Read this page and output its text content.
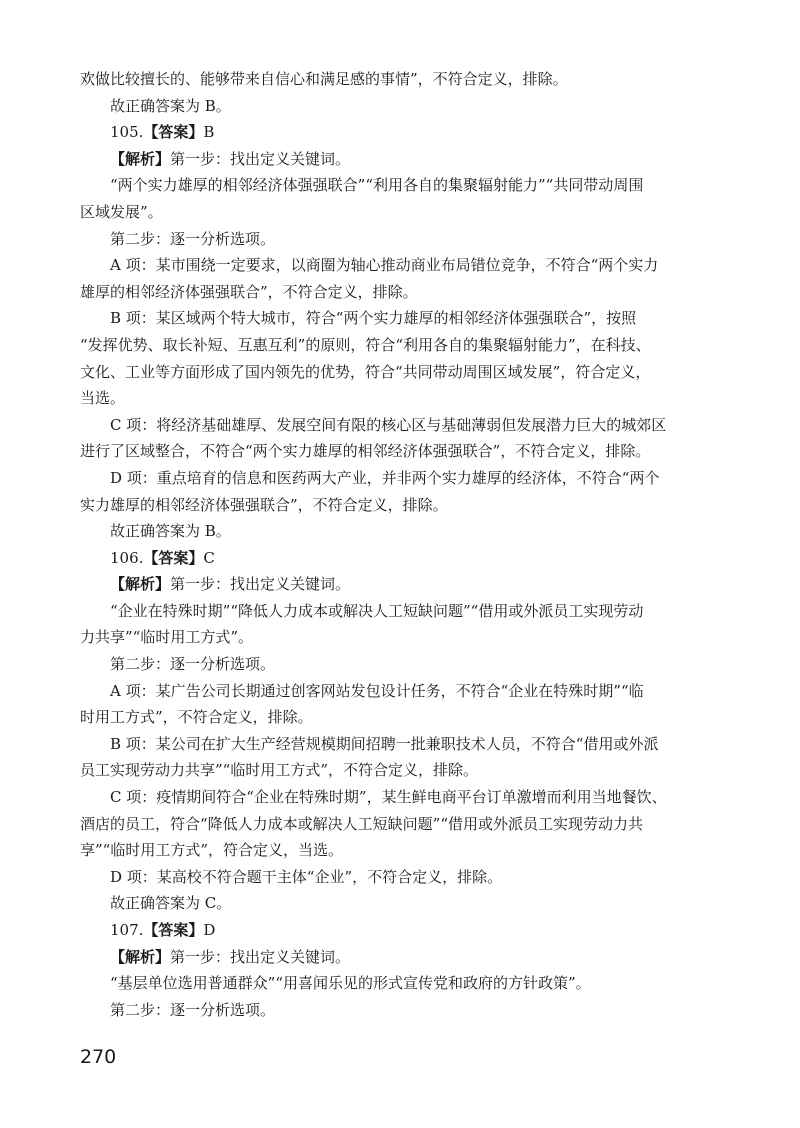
欢做比较擅长的、能够带来自信心和满足感的事情”，不符合定义，排除。

故正确答案为 B。

105.【答案】B

【解析】第一步：找出定义关键词。

“两个实力雄厚的相邻经济体强强联合”“利用各自的集聚辐射能力”“共同带动周围

区域发展”。

第二步：逐一分析选项。

A 项：某市围绕一定要求，以商圈为轴心推动商业布局错位竞争，不符合“两个实力

雄厚的相邻经济体强强联合”，不符合定义，排除。

B 项：某区域两个特大城市，符合“两个实力雄厚的相邻经济体强强联合”，按照

“发挥优势、取长补短、互惠互利”的原则，符合“利用各自的集聚辐射能力”，在科技、

文化、工业等方面形成了国内领先的优势，符合“共同带动周围区域发展”，符合定义，

当选。

C 项：将经济基础雄厚、发展空间有限的核心区与基础薄弱但发展潜力巨大的城郊区

进行了区域整合，不符合“两个实力雄厚的相邻经济体强强联合”，不符合定义，排除。

D 项：重点培育的信息和医药两大产业，并非两个实力雄厚的经济体，不符合“两个

实力雄厚的相邻经济体强强联合”，不符合定义，排除。

故正确答案为 B。

106.【答案】C

【解析】第一步：找出定义关键词。

“企业在特殊时期”“降低人力成本或解决人工短缺问题”“借用或外派员工实现劳动

力共享”“临时用工方式”。

第二步：逐一分析选项。

A 项：某广告公司长期通过创客网站发包设计任务，不符合“企业在特殊时期”“临

时用工方式”，不符合定义，排除。

B 项：某公司在扩大生产经营规模期间招聘一批兼职技术人员，不符合“借用或外派

员工实现劳动力共享”“临时用工方式”，不符合定义，排除。

C 项：疫情期间符合“企业在特殊时期”，某生鲜电商平台订单激增而利用当地餐饮、

酒店的员工，符合“降低人力成本或解决人工短缺问题”“借用或外派员工实现劳动力共

享”“临时用工方式”，符合定义，当选。

D 项：某高校不符合题干主体“企业”，不符合定义，排除。

故正确答案为 C。

107.【答案】D

【解析】第一步：找出定义关键词。

“基层单位选用普通群众”“用喜闻乐见的形式宣传党和政府的方针政策”。

第二步：逐一分析选项。

270
